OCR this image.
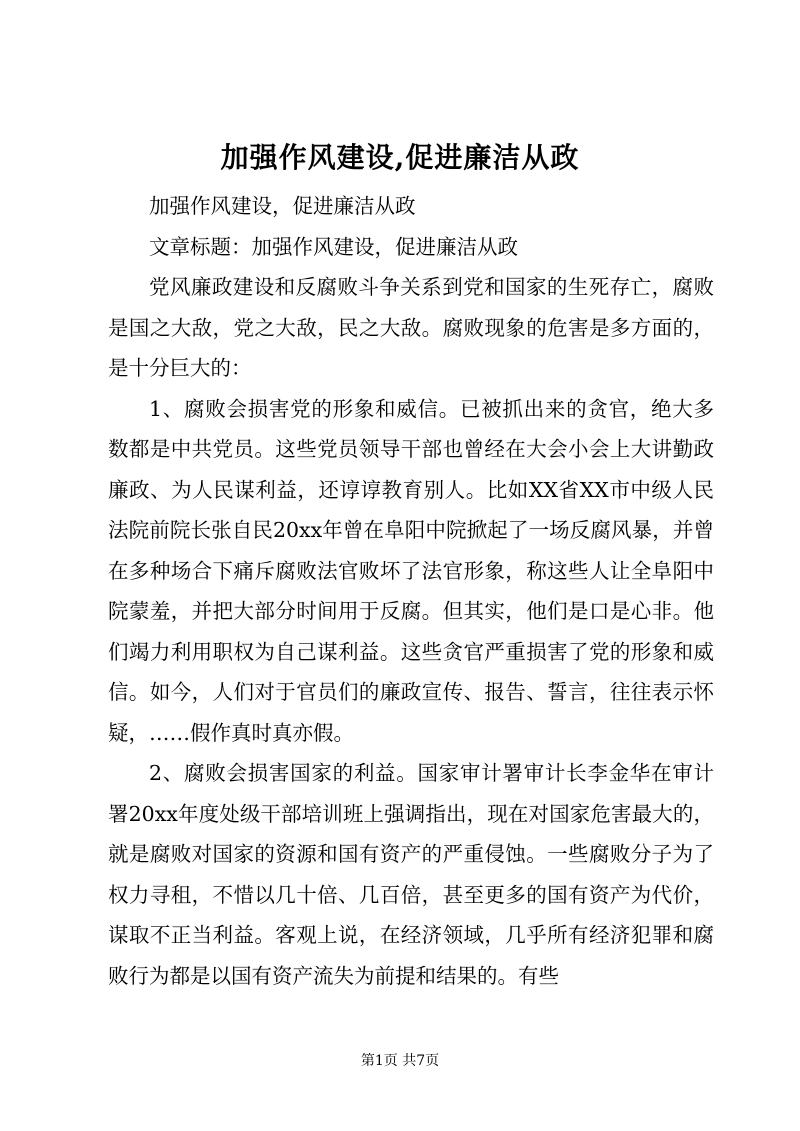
加强作风建设,促进廉洁从政

加强作风建设，促进廉洁从政

文章标题：加强作风建设，促进廉洁从政

党风廉政建设和反腐败斗争关系到党和国家的生死存亡，腐败是国之大敌，党之大敌，民之大敌。腐败现象的危害是多方面的，是十分巨大的：

1、腐败会损害党的形象和威信。已被抓出来的贪官，绝大多数都是中共党员。这些党员领导干部也曾经在大会小会上大讲勤政廉政、为人民谋利益，还谆谆教育别人。比如XX省XX市中级人民法院前院长张自民20xx年曾在阜阳中院掀起了一场反腐风暴，并曾在多种场合下痛斥腐败法官败坏了法官形象，称这些人让全阜阳中院蒙羞，并把大部分时间用于反腐。但其实，他们是口是心非。他们竭力利用职权为自己谋利益。这些贪官严重损害了党的形象和威信。如今，人们对于官员们的廉政宣传、报告、誓言，往往表示怀疑，……假作真时真亦假。

2、腐败会损害国家的利益。国家审计署审计长李金华在审计署20xx年度处级干部培训班上强调指出，现在对国家危害最大的，就是腐败对国家的资源和国有资产的严重侵蚀。一些腐败分子为了权力寻租，不惜以几十倍、几百倍，甚至更多的国有资产为代价，谋取不正当利益。客观上说，在经济领域，几乎所有经济犯罪和腐败行为都是以国有资产流失为前提和结果的。有些

第1页 共7页
